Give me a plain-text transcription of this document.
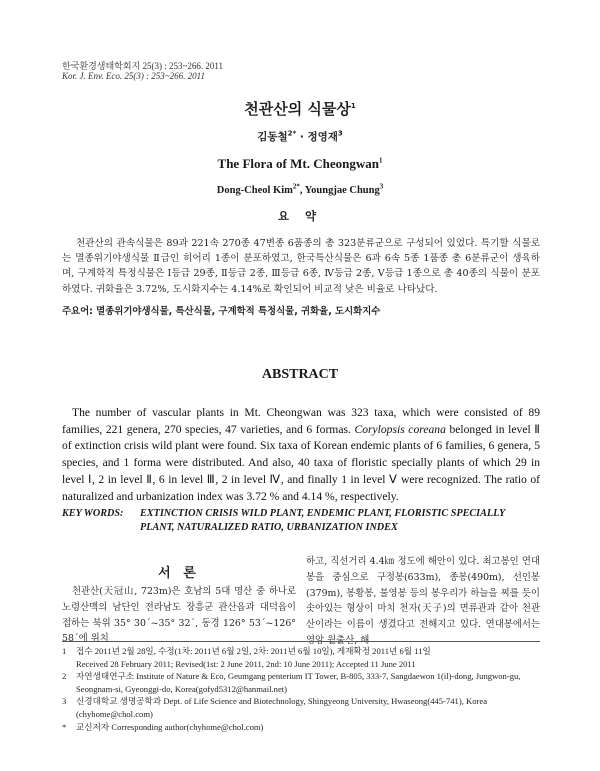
한국환경생태학회지 25(3) : 253~266. 2011
Kor. J. Env. Eco. 25(3) : 253~266. 2011
천관산의 식물상$^1$
김동철$^{2*}$ · 정영재$^3$
The Flora of Mt. Cheongwan$^1$
Dong-Cheol Kim$^{2*}$, Youngjae Chung$^3$
요 약
천관산의 관속식물은 89과 221속 270종 47변종 6품종의 총 323분류군으로 구성되어 있었다. 특기할 식물로는 멸종위기야생식물 Ⅱ급인 히어리 1종이 분포하였고, 한국특산식물은 6과 6속 5종 1품종 총 6분류군이 생육하며, 구계학적 특정식물은 Ⅰ등급 29종, Ⅱ등급 2종, Ⅲ등급 6종, Ⅳ등급 2종, Ⅴ등급 1종으로 총 40종의 식물이 분포하였다. 귀화율은 3.72%, 도시화지수는 4.14%로 확인되어 비교적 낮은 비율로 나타났다.
주요어: 멸종위기야생식물, 특산식물, 구계학적 특정식물, 귀화율, 도시화지수
ABSTRACT
The number of vascular plants in Mt. Cheongwan was 323 taxa, which were consisted of 89 families, 221 genera, 270 species, 47 varieties, and 6 formas. Corylopsis coreana belonged in level Ⅱ of extinction crisis wild plant were found. Six taxa of Korean endemic plants of 6 families, 6 genera, 5 species, and 1 forma were distributed. And also, 40 taxa of floristic specially plants of which 29 in level Ⅰ, 2 in level Ⅱ, 6 in level Ⅲ, 2 in level Ⅳ, and finally 1 in level Ⅴ were recognized. The ratio of naturalized and urbanization index was 3.72 % and 4.14 %, respectively.
KEY WORDS: EXTINCTION CRISIS WILD PLANT, ENDEMIC PLANT, FLORISTIC SPECIALLY
PLANT, NATURALIZED RATIO, URBANIZATION INDEX
서 론
천관산(天冠山, 723m)은 호남의 5대 명산 중 하나로 노령산맥의 남단인 전라남도 장흥군 관산읍과 대덕읍이 접하는 북위 35° 30´~35° 32´, 동경 126° 53´~126° 58´에 위치
하고, 직선거리 4.4㎞ 정도에 해안이 있다. 최고봉인 연대봉을 중심으로 구정봉(633m), 종봉(490m), 선인봉(379m), 봉황봉, 불영봉 등의 봉우리가 하늘을 찌를 듯이 솟아있는 형상이 마치 천자(天子)의 면류관과 같아 천관산이라는 이름이 생겼다고 전해지고 있다. 연대봉에서는 영암 월출산, 해
1	접수 2011년 2월 28일, 수정(1차: 2011년 6월 2일, 2차: 2011년 6월 10일), 게재확정 2011년 6월 11일
Received 28 February 2011; Revised(1st: 2 June 2011, 2nd: 10 June 2011); Accepted 11 June 2011
2	자연생태연구소 Institute of Nature & Eco, Geumgang penterium IT Tower, B-805, 333-7, Sangdaewon 1(il)-dong, Jungwon-gu, Seongnam-si, Gyeonggi-do, Korea(gofyd5312@hanmail.net)
3	신경대학교 생명공학과 Dept. of Life Science and Biotechnology, Shingyeong University, Hwaseong(445-741), Korea (chyhome@chol.com)
*	교신저자 Corresponding author(chyhome@chol.com)
